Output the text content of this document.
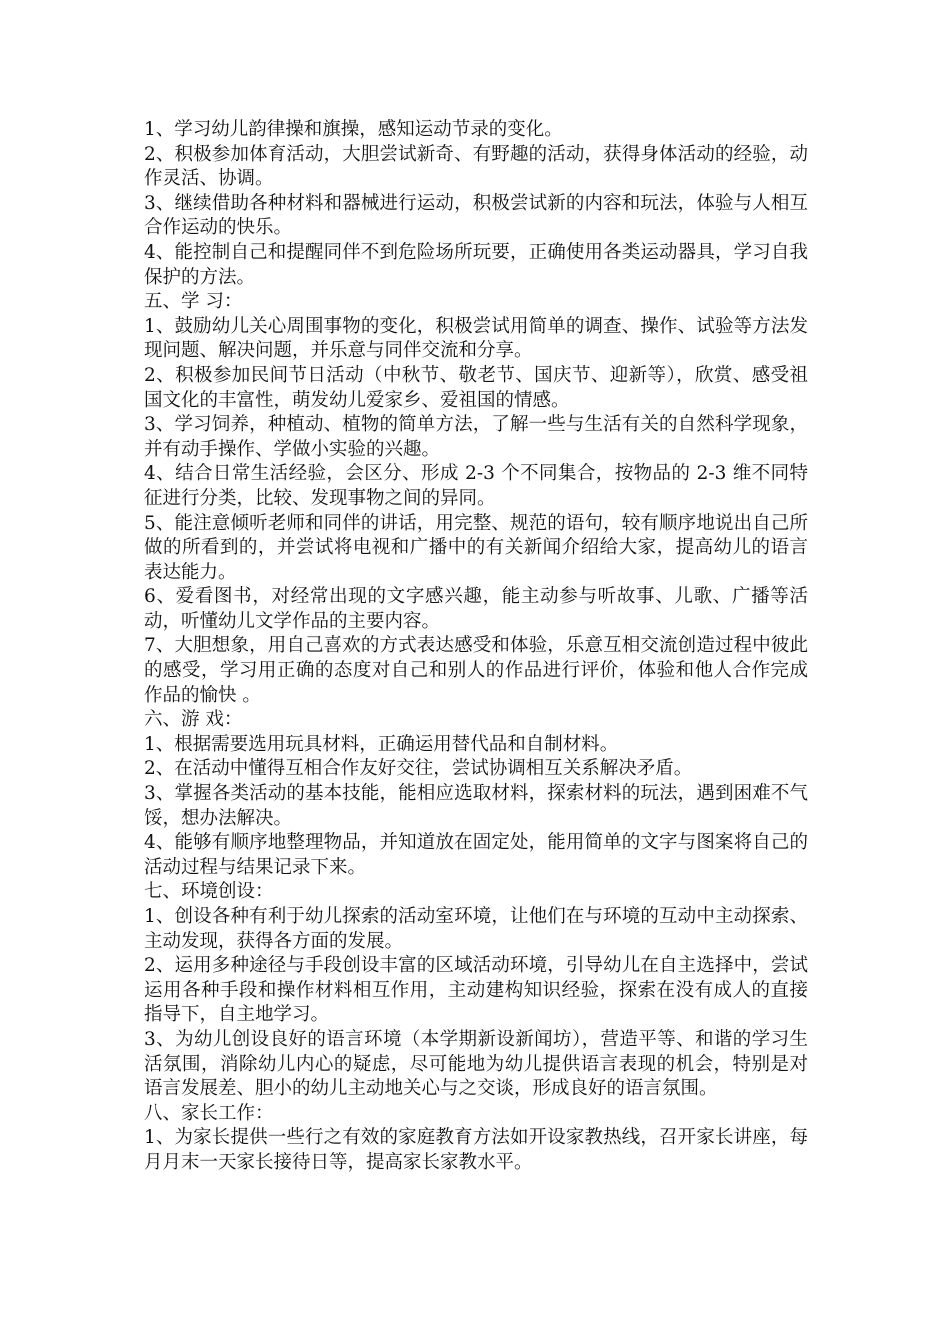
1、学习幼儿韵律操和旗操，感知运动节录的变化。

2、积极参加体育活动，大胆尝试新奇、有野趣的活动，获得身体活动的经验，动作灵活、协调。

3、继续借助各种材料和器械进行运动，积极尝试新的内容和玩法，体验与人相互合作运动的快乐。

4、能控制自己和提醒同伴不到危险场所玩要，正确使用各类运动器具，学习自我保护的方法。

五、学 习：

1、鼓励幼儿关心周围事物的变化，积极尝试用简单的调查、操作、试验等方法发现问题、解决问题，并乐意与同伴交流和分享。

2、积极参加民间节日活动（中秋节、敬老节、国庆节、迎新等），欣赏、感受祖国文化的丰富性，萌发幼儿爱家乡、爱祖国的情感。

3、学习饲养，种植动、植物的简单方法，了解一些与生活有关的自然科学现象，并有动手操作、学做小实验的兴趣。

4、结合日常生活经验，会区分、形成 2-3 个不同集合，按物品的 2-3 维不同特征进行分类，比较、发现事物之间的异同。

5、能注意倾听老师和同伴的讲话，用完整、规范的语句，较有顺序地说出自己所做的所看到的，并尝试将电视和广播中的有关新闻介绍给大家，提高幼儿的语言表达能力。

6、爱看图书，对经常出现的文字感兴趣，能主动参与听故事、儿歌、广播等活动，听懂幼儿文学作品的主要内容。

7、大胆想象，用自己喜欢的方式表达感受和体验，乐意互相交流创造过程中彼此的感受，学习用正确的态度对自己和别人的作品进行评价，体验和他人合作完成作品的愉快 。

六、游 戏：

1、根据需要选用玩具材料，正确运用替代品和自制材料。

2、在活动中懂得互相合作友好交往，尝试协调相互关系解决矛盾。

3、掌握各类活动的基本技能，能相应选取材料，探索材料的玩法，遇到困难不气馁，想办法解决。

4、能够有顺序地整理物品，并知道放在固定处，能用简单的文字与图案将自己的活动过程与结果记录下来。

七、环境创设：

1、创设各种有利于幼儿探索的活动室环境，让他们在与环境的互动中主动探索、主动发现，获得各方面的发展。

2、运用多种途径与手段创设丰富的区域活动环境，引导幼儿在自主选择中，尝试运用各种手段和操作材料相互作用，主动建构知识经验，探索在没有成人的直接指导下，自主地学习。

3、为幼儿创设良好的语言环境（本学期新设新闻坊），营造平等、和谐的学习生活氛围，消除幼儿内心的疑虑，尽可能地为幼儿提供语言表现的机会，特别是对语言发展差、胆小的幼儿主动地关心与之交谈，形成良好的语言氛围。

八、家长工作：

1、为家长提供一些行之有效的家庭教育方法如开设家教热线，召开家长讲座，每月月末一天家长接待日等，提高家长家教水平。
